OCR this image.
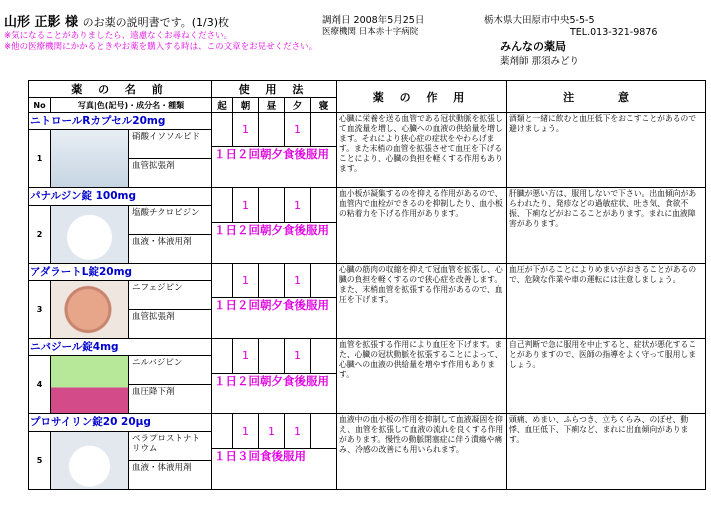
山形 正影 様 のお薬の説明書です。(1/3)枚
※気になることがありましたら、遠慮なくお尋ねください。
※他の医療機関にかかるときやお薬を購入する時は、この文章をお見せください。
調剤日 2008年5月25日
医療機関 日本赤十字病院
栃木県大田原市中央5-5-5
TEL.013-321-9876
みんなの薬局
薬剤師 那須みどり
薬 の 名 前		使 用 法					薬 の 作 用	注 意
No	写真|色(記号)・成分名・種類	起	朝	昼	夕	寝		
ニトロールRカプセル20mg			1		1		心臓に栄養を送る血管である冠状動脈を拡張して血流量を増し、心臓への血液の供給量を増します。それにより狭心症の症状をやわらげます。また末梢の血管を拡張させて血圧を下げることにより、心臓の負担を軽くする作用もあります。	酒類と一緒に飲むと血圧低下をおこすことがあるので避けましょう。
1	硝酸イソソルビド
血管拡張剤							

		１日２回朝夕食後服用						
パナルジン錠 100mg			1		1		血小板が凝集するのを抑える作用があるので、血管内で血栓ができるのを抑制したり、血小板の粘着力を下げる作用があります。	肝臓が悪い方は、服用しないで下さい。出血傾向があらわれたり、発疹などの過敏症状、吐き気、食欲不振、下痢などがおこることがあります。まれに血液障害があります。
2	塩酸チクロピジン
血液・体液用剤							

		１日２回朝夕食後服用						
アダラートL錠20mg			1		1		心臓の筋肉の収縮を抑えて冠血管を拡張し、心臓の負担を軽くするので狭心症を改善します。また、末梢血管を拡張する作用があるので、血圧を下げます。	血圧が下がることによりめまいがおきることがあるので、危険な作業や車の運転には注意しましょう。
3	ニフェジピン
血管拡張剤							

		１日２回朝夕食後服用						
ニバジール錠4mg			1		1		血管を拡張する作用により血圧を下げます。また、心臓の冠状動脈を拡張することによって、心臓への血液の供給量を増やす作用もあります。	自己判断で急に服用を中止すると、症状が悪化することがありますので、医師の指導をよく守って服用しましょう。
4	ニルバジピン
血圧降下剤							

		１日２回朝夕食後服用						
プロサイリン錠20 20μg			1	1	1		血液中の血小板の作用を抑制して血液凝固を抑え、血管を拡張して血液の流れを良くする作用があります。慢性の動脈閉塞症に伴う潰瘍や痛み、冷感の改善にも用いられます。	頭痛、めまい、ふらつき、立ちくらみ、のぼせ、動悸、血圧低下、下痢など、まれに出血傾向があります。
5	ベラプロストナトリウム
血液・体液用剤							

		１日３回食後服用						
